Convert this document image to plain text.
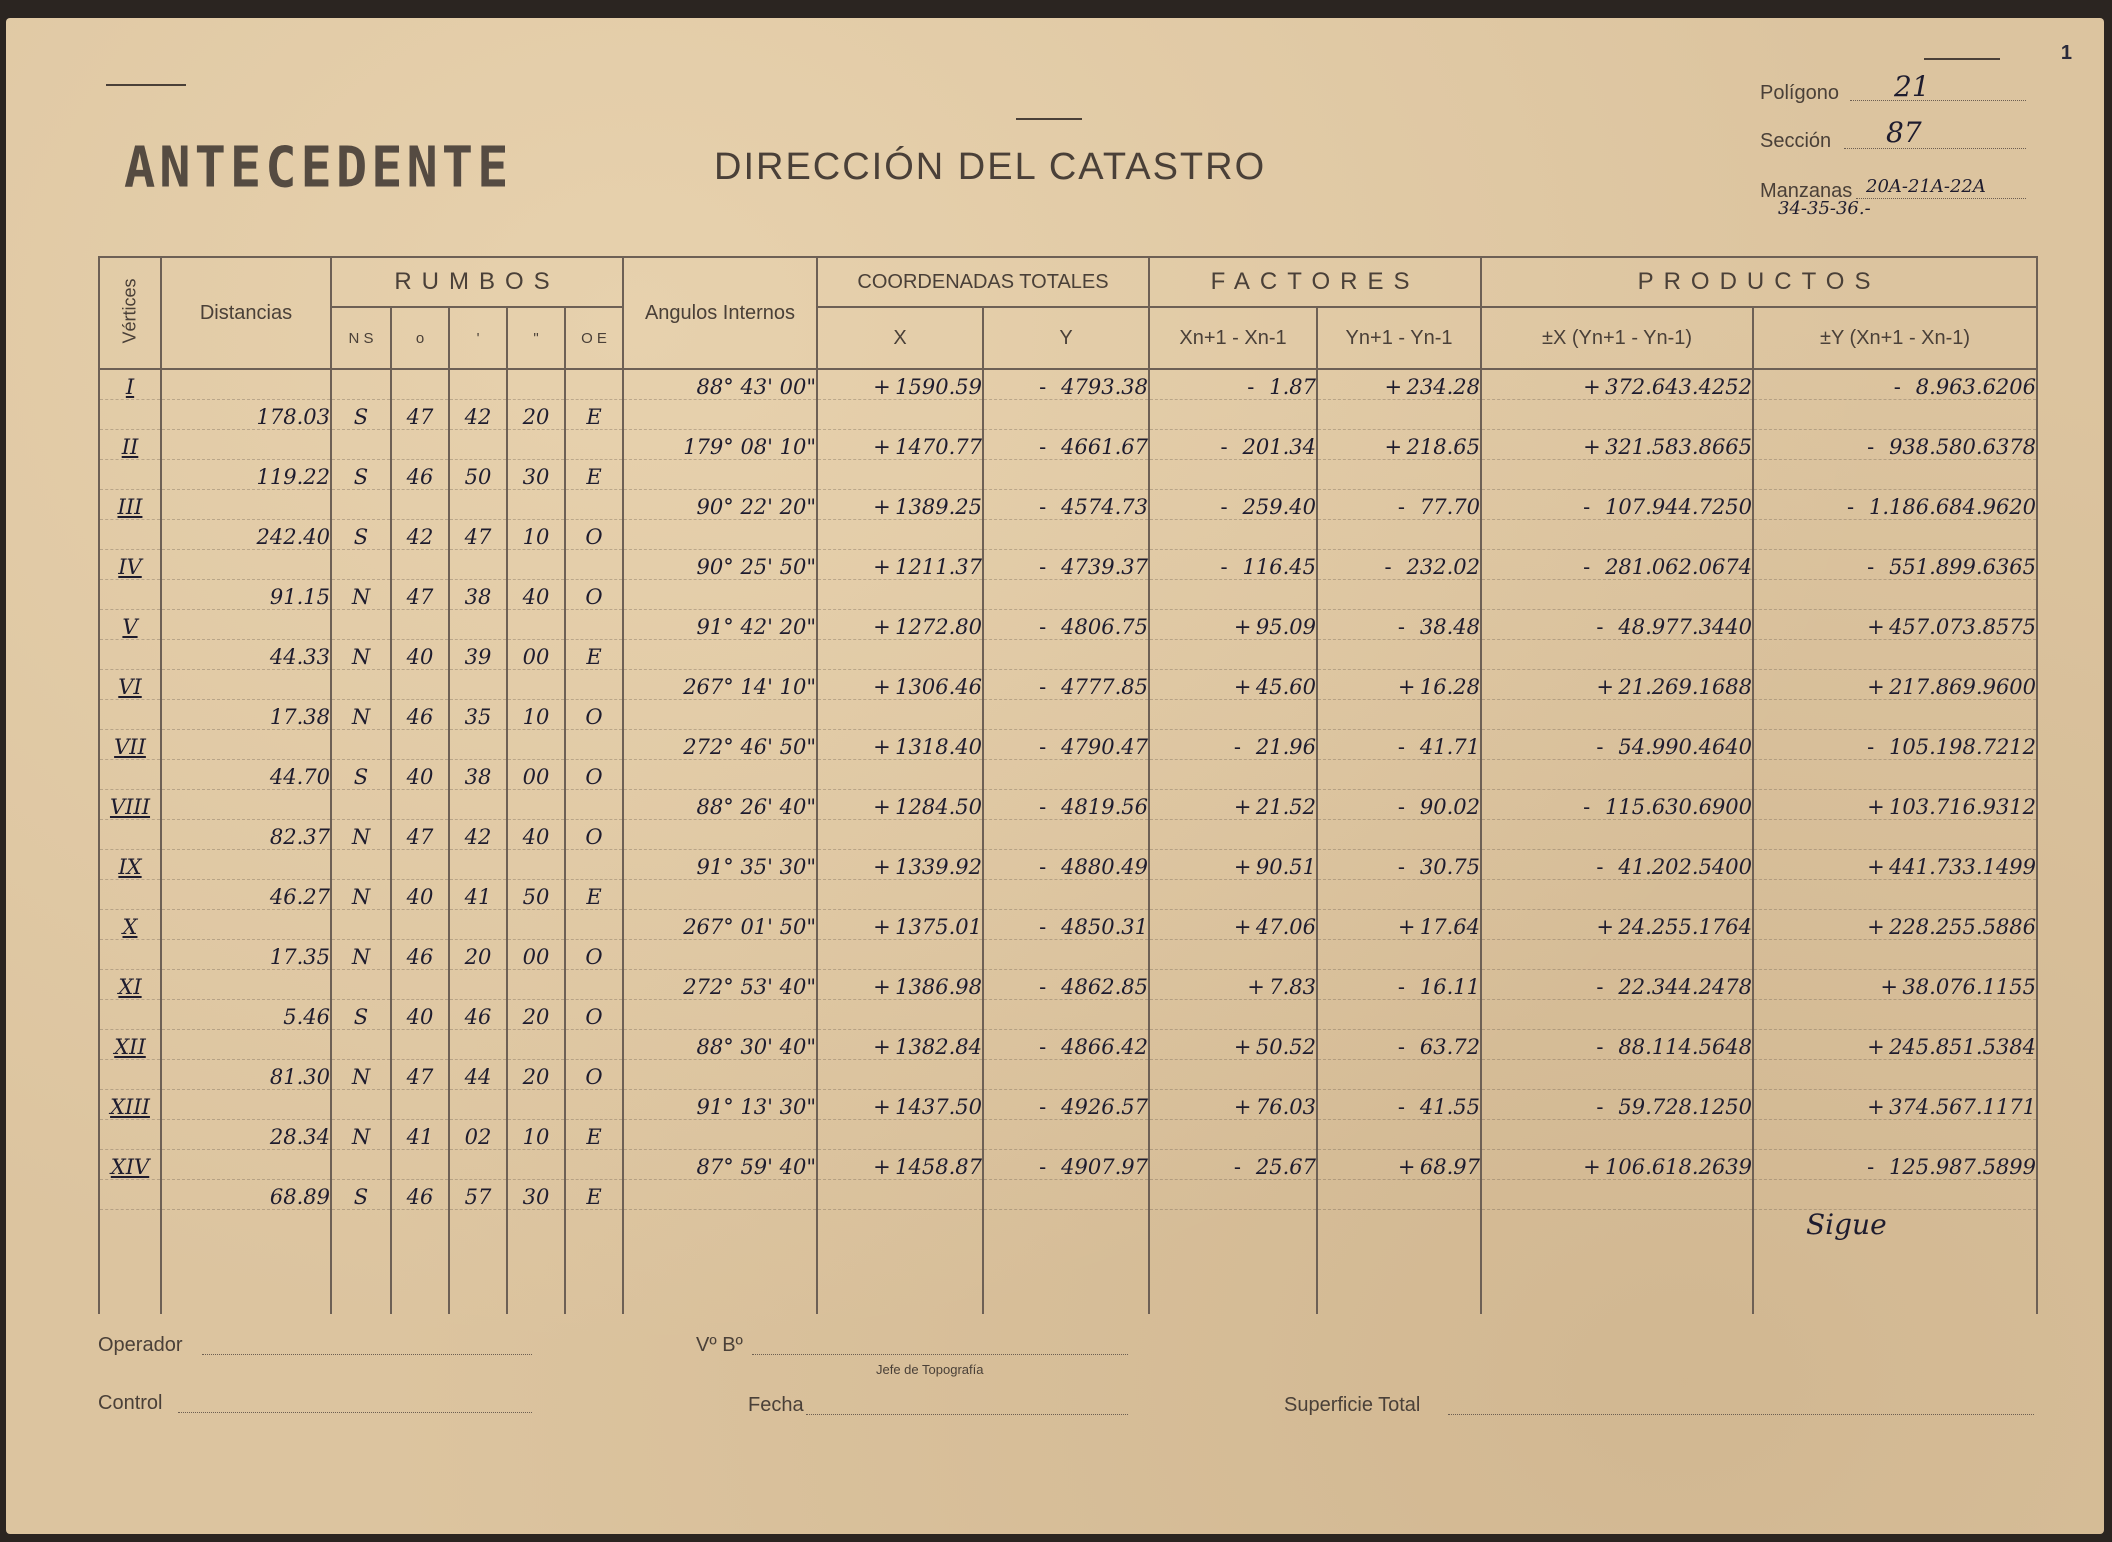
1
ANTECEDENTE	DIRECCIÓN DEL CATASTRO
Polígono 21
Sección 87
Manzanas 20A-21A-22A
34-35-36.-
Vértices	Distancias	RUMBOS					Angulos Internos	COORDENADAS TOTALES		FACTORES		PRODUCTOS	
		N S	o	'	"	O E		X	Y	Xn+1 - Xn-1	Yn+1 - Yn-1	±X (Yn+1 - Yn-1)	±Y (Xn+1 - Xn-1)
I							88° 43' 00"	+ 1590.59	- 4793.38	- 1.87	+ 234.28	+ 372.643.4252	- 8.963.6206
	178.03	S	47	42	20	E							
II							179° 08' 10"	+ 1470.77	- 4661.67	- 201.34	+ 218.65	+ 321.583.8665	- 938.580.6378
	119.22	S	46	50	30	E							
III							90° 22' 20"	+ 1389.25	- 4574.73	- 259.40	- 77.70	- 107.944.7250	- 1.186.684.9620
	242.40	S	42	47	10	O							
IV							90° 25' 50"	+ 1211.37	- 4739.37	- 116.45	- 232.02	- 281.062.0674	- 551.899.6365
	91.15	N	47	38	40	O							
V							91° 42' 20"	+ 1272.80	- 4806.75	+ 95.09	- 38.48	- 48.977.3440	+ 457.073.8575
	44.33	N	40	39	00	E							
VI							267° 14' 10"	+ 1306.46	- 4777.85	+ 45.60	+ 16.28	+ 21.269.1688	+ 217.869.9600
	17.38	N	46	35	10	O							
VII							272° 46' 50"	+ 1318.40	- 4790.47	- 21.96	- 41.71	- 54.990.4640	- 105.198.7212
	44.70	S	40	38	00	O							
VIII							88° 26' 40"	+ 1284.50	- 4819.56	+ 21.52	- 90.02	- 115.630.6900	+ 103.716.9312
	82.37	N	47	42	40	O							
IX							91° 35' 30"	+ 1339.92	- 4880.49	+ 90.51	- 30.75	- 41.202.5400	+ 441.733.1499
	46.27	N	40	41	50	E							
X							267° 01' 50"	+ 1375.01	- 4850.31	+ 47.06	+ 17.64	+ 24.255.1764	+ 228.255.5886
	17.35	N	46	20	00	O							
XI							272° 53' 40"	+ 1386.98	- 4862.85	+ 7.83	- 16.11	- 22.344.2478	+ 38.076.1155
	5.46	S	40	46	20	O							
XII							88° 30' 40"	+ 1382.84	- 4866.42	+ 50.52	- 63.72	- 88.114.5648	+ 245.851.5384
	81.30	N	47	44	20	O							
XIII							91° 13' 30"	+ 1437.50	- 4926.57	+ 76.03	- 41.55	- 59.728.1250	+ 374.567.1171
	28.34	N	41	02	10	E							
XIV							87° 59' 40"	+ 1458.87	- 4907.97	- 25.67	+ 68.97	+ 106.618.2639	- 125.987.5899
	68.89	S	46	57	30	E							

Sigue
Operador	Vº Bº
Jefe de Topografía
Control	Fecha	Superficie Total
